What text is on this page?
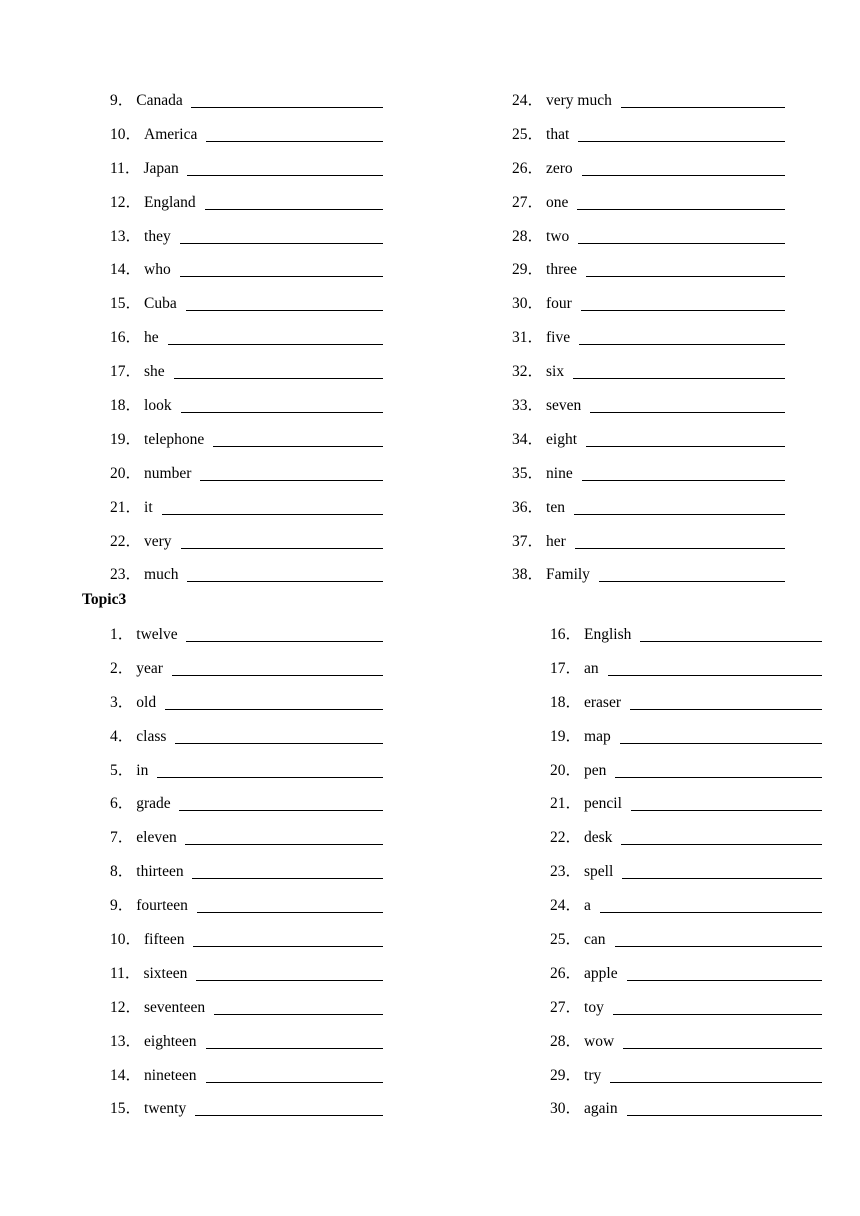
9． Canada
10． America
11． Japan
12． England
13． they
14． who
15． Cuba
16． he
17． she
18． look
19． telephone
20． number
21． it
22． very
23． much
24． very much
25． that
26． zero
27． one
28． two
29． three
30． four
31． five
32． six
33． seven
34． eight
35． nine
36． ten
37． her
38． Family
Topic3
1． twelve
2． year
3． old
4． class
5． in
6． grade
7． eleven
8． thirteen
9． fourteen
10． fifteen
11． sixteen
12． seventeen
13． eighteen
14． nineteen
15． twenty
16． English
17． an
18． eraser
19． map
20． pen
21． pencil
22． desk
23． spell
24． a
25． can
26． apple
27． toy
28． wow
29． try
30． again
